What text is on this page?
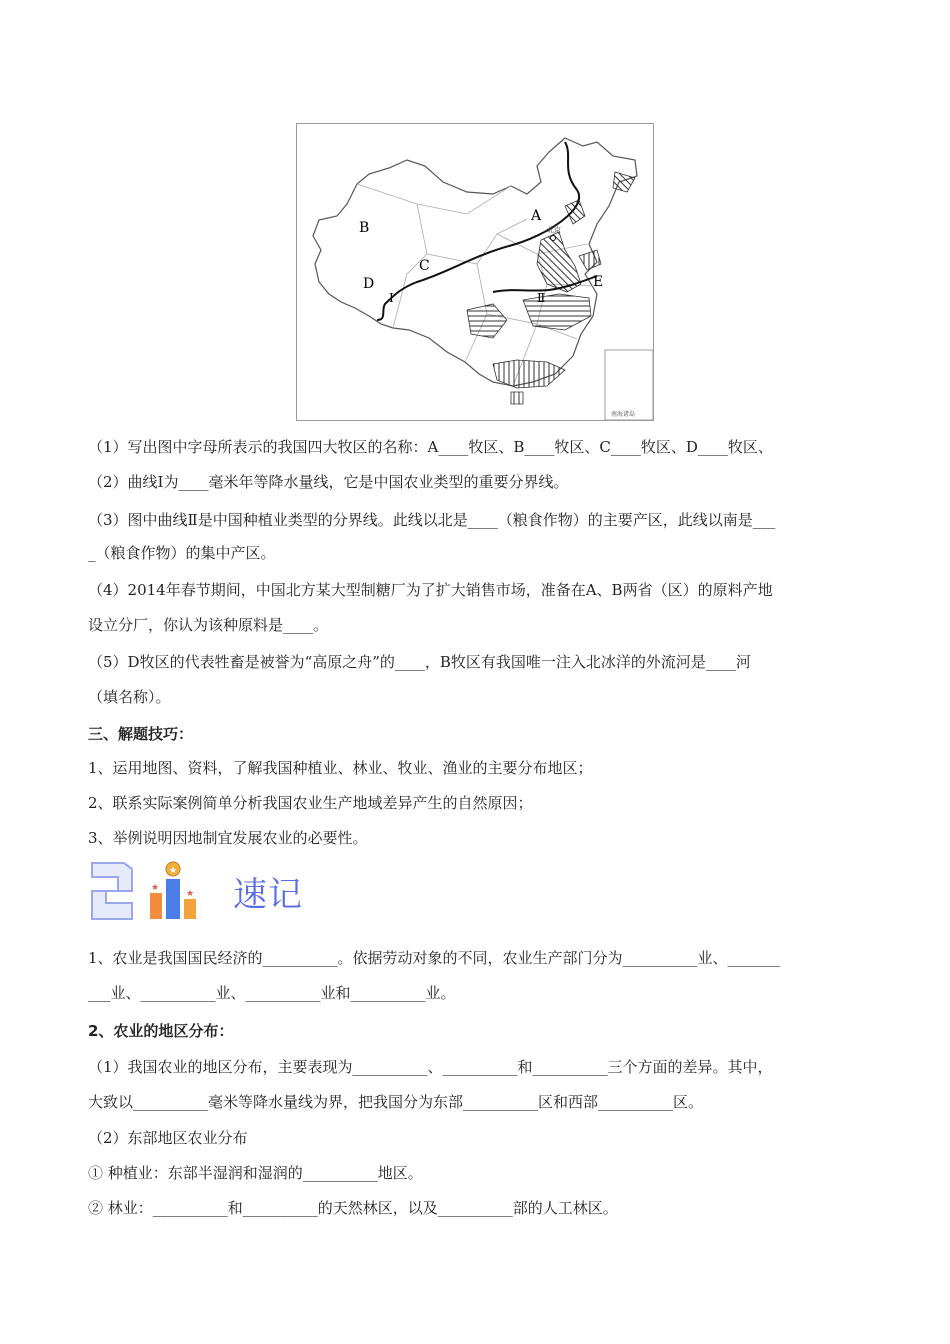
南海诸岛
北京
B
A
C
D	E
I	Ⅱ
（1）写出图中字母所表示的我国四大牧区的名称：A____牧区、B____牧区、C____牧区、D____牧区、
（2）曲线Ⅰ为____毫米年等降水量线，它是中国农业类型的重要分界线。
（3）图中曲线Ⅱ是中国种植业类型的分界线。此线以北是____（粮食作物）的主要产区，此线以南是___
_（粮食作物）的集中产区。
（4）2014年春节期间，中国北方某大型制糖厂为了扩大销售市场，准备在A、B两省（区）的原料产地
设立分厂，你认为该种原料是____。
（5）D牧区的代表牲畜是被誉为“高原之舟”的____，B牧区有我国唯一注入北冰洋的外流河是____河
（填名称）。
三、解题技巧：
1、运用地图、资料，了解我国种植业、林业、牧业、渔业的主要分布地区；
2、联系实际案例简单分析我国农业生产地域差异产生的自然原因；
3、举例说明因地制宜发展农业的必要性。
★
★
★ 速记
1、农业是我国国民经济的__________。依据劳动对象的不同，农业生产部门分为__________业、_______
___业、__________业、__________业和__________业。
2、农业的地区分布：
（1）我国农业的地区分布，主要表现为__________、__________和__________三个方面的差异。其中，
大致以__________毫米等降水量线为界，把我国分为东部__________区和西部__________区。
（2）东部地区农业分布
① 种植业：东部半湿润和湿润的__________地区。
② 林业：__________和__________的天然林区，以及__________部的人工林区。
